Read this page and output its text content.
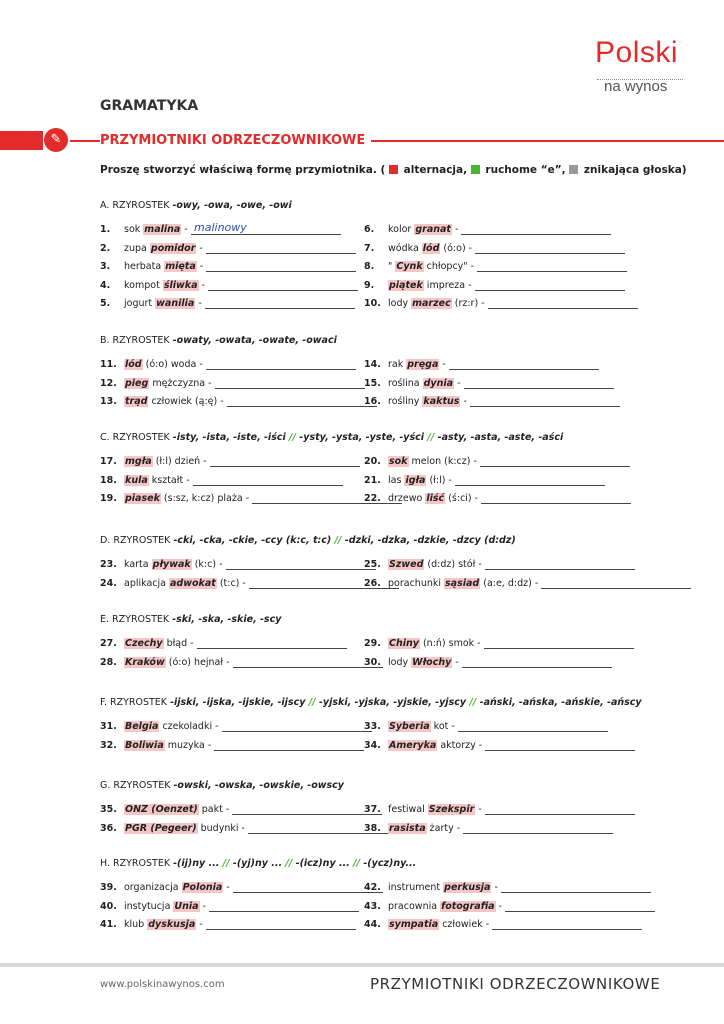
Polski
na wynos
GRAMATYKA
✎	PRZYMIOTNIKI ODRZECZOWNIKOWE
Proszę stworzyć właściwą formę przymiotnika. (  alternacja,  ruchome “e”,  znikająca głoska)
malinowy
A. RZYROSTEK -owy, -owa, -owe, -owi
1.	sok malina -	6.	kolor granat -
2.	zupa pomidor -	7.	wódka lód (ó:o) -
3.	herbata mięta -	8.	" Cynk chłopcy" -
4.	kompot śliwka -	9.	piątek impreza -
5.	jogurt wanilia -	10. lody marzec (rz:r) -
B. RZYROSTEK -owaty, -owata, -owate, -owaci
11. lód (ó:o) woda -	14. rak pręga -
12. pieg mężczyzna -	15. roślina dynia -
13. trąd człowiek (ą:ę) -	16. rośliny kaktus -
C. RZYROSTEK -isty, -ista, -iste, -iści // -ysty, -ysta, -yste, -yści // -asty, -asta, -aste, -aści
17. mgła (ł:l) dzień -	20. sok melon (k:cz) -
18. kula kształt -	21. las igła (ł:l) -
19. piasek (s:sz, k:cz) plaża -	22. drzewo liść (ś:ci) -
D. RZYROSTEK -cki, -cka, -ckie, -ccy (k:c, t:c) // -dzki, -dzka, -dzkie, -dzcy (d:dz)
23. karta pływak (k:c) -	25. Szwed (d:dz) stół -
24. aplikacja adwokat (t:c) -	26. porachunki sąsiad (a:e, d:dz) -
E. RZYROSTEK -ski, -ska, -skie, -scy
27. Czechy błąd -	29. Chiny (n:ń) smok -
28. Kraków (ó:o) hejnał -	30. lody Włochy -
F. RZYROSTEK -ijski, -ijska, -ijskie, -ijscy // -yjski, -yjska, -yjskie, -yjscy // -ański, -ańska, -ańskie, -ańscy
31. Belgia czekoladki -	33. Syberia kot -
32. Boliwia muzyka -	34. Ameryka aktorzy -
G. RZYROSTEK -owski, -owska, -owskie, -owscy
35. ONZ (Oenzet) pakt -	37. festiwal Szekspir -
36. PGR (Pegeer) budynki -	38. rasista żarty -
H. RZYROSTEK -(ij)ny ... // -(yj)ny ... // -(icz)ny ... // -(ycz)ny...
39. organizacja Polonia -	42. instrument perkusja -
40. instytucja Unia -	43. pracownia fotografia -
41. klub dyskusja -	44. sympatia człowiek -
www.polskinawynos.com	PRZYMIOTNIKI ODRZECZOWNIKOWE
